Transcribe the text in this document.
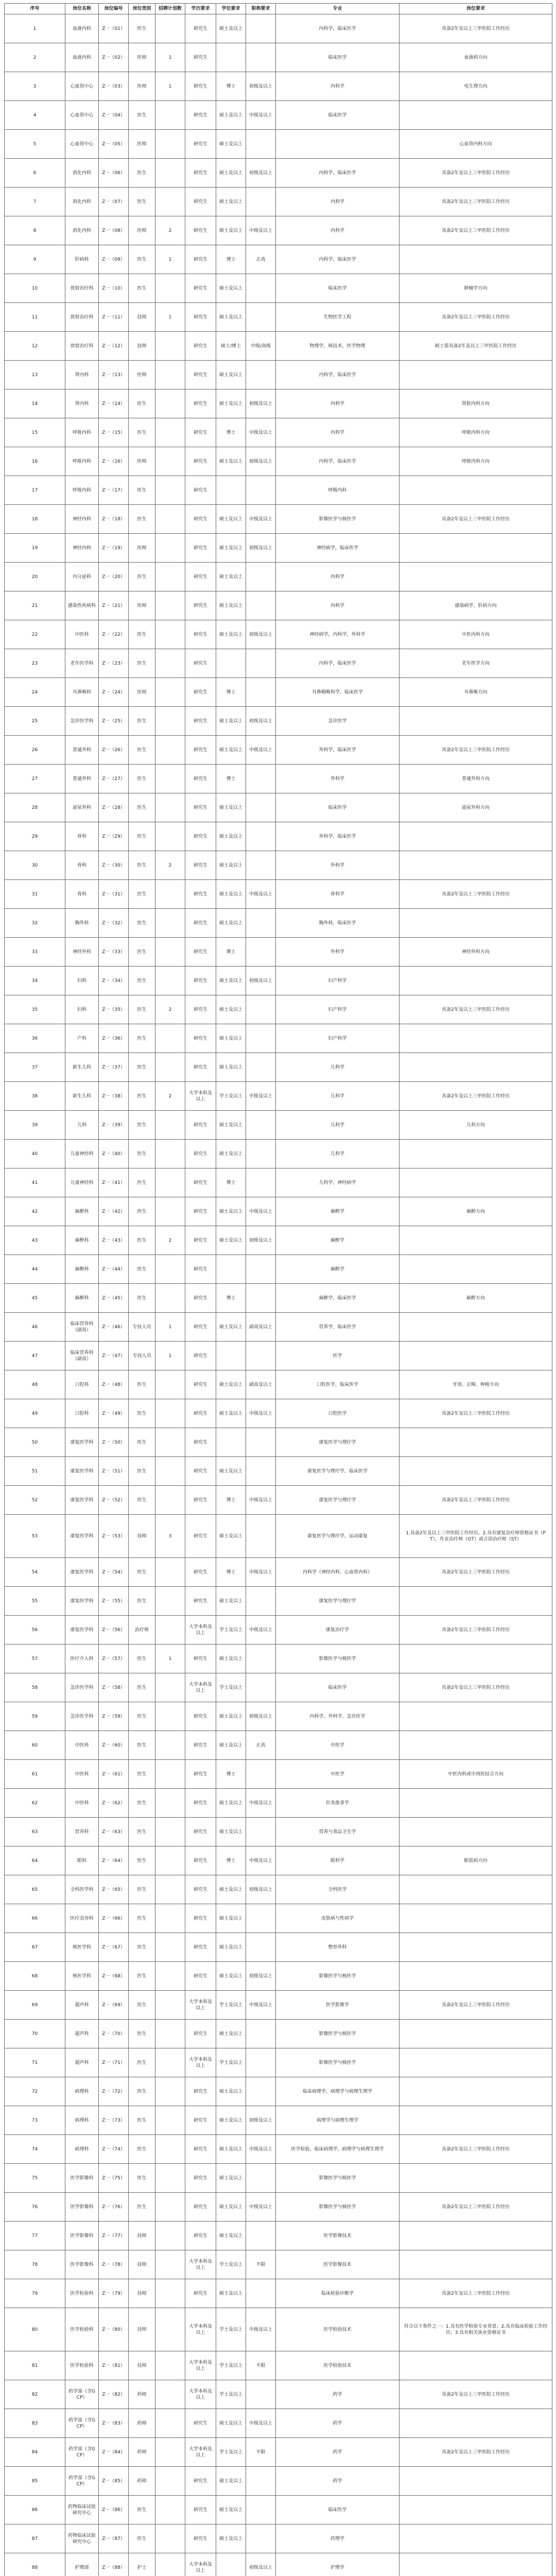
序号	岗位名称	岗位编号	岗位类别	招聘计划数	学历要求	学位要求	职称要求	专业	岗位要求
1	血液内科	Z一（01）	医生		研究生	硕士及以上		内科学，临床医学	具备2年及以上三甲医院工作经历
2	血液内科	Z一（02）	医师	1	研究生			临床医学	血液病方向
3	心血管中心	Z一（03）	医师	1	研究生	博士	初级及以上	内科学	电生理方向
4	心血管中心	Z一（04）	医生		研究生	硕士及以上	中级及以上	临床医学	
5	心血管中心	Z一（05）	医师		研究生	硕士及以上			心血管内科方向
6	消化内科	Z一（06）	医生		研究生	硕士及以上	初级及以上	内科学，临床医学	具备2年及以上三甲医院工作经历
7	消化内科	Z一（07）	医生		研究生	硕士及以上		内科学	具备2年及以上三甲医院工作经历
8	消化内科	Z一（08）	医师	2	研究生	硕士及以上	中级及以上	内科学	具备2年及以上三甲医院工作经历
9	肝病科	Z一（09）	医生	1	研究生	博士	正高	内科学，临床医学	
10	放射治疗科	Z一（10）	医生		研究生	硕士及以上		临床医学	肿瘤学方向
11	放射治疗科	Z一（11）	技师	1	研究生	硕士及以上		生物医学工程	具备2年及以上三甲医院工作经历
12	放射治疗科	Z一（12）	技师		研究生	硕士/博士	中级/高级	物理学，核技术，医学物理	硕士需具备2年及以上三甲医院工作经历
13	肾内科	Z一（13）	医师		研究生	硕士及以上		内科学，临床医学	
14	肾内科	Z一（14）	医生		研究生	硕士及以上	初级及以上	内科学	肾脏内科方向
15	呼吸内科	Z一（15）	医生		研究生	博士	中级及以上	内科学	呼吸内科方向
16	呼吸内科	Z一（16）	医师		研究生	硕士及以上	初级及以上	内科学，临床医学	呼吸内科方向
17	呼吸内科	Z一（17）	医生		研究生			呼吸内科	
18	神经内科	Z一（18）	医生		研究生	硕士及以上	中级及以上	影像医学与核医学	具备2年及以上三甲医院工作经历
19	神经内科	Z一（19）	医师		研究生	硕士及以上	初级及以上	神经病学，临床医学	
20	内分泌科	Z一（20）	医生		研究生	硕士及以上		内科学	
21	感染性疾病科	Z一（21）	医师		研究生	硕士及以上		内科学	感染病学、肝病方向
22	中医科	Z一（22）	医生		研究生	硕士及以上	初级及以上	神经病学，内科学，外科学	中医内科方向
23	老年医学科	Z一（23）	医生		研究生			内科学，临床医学	老年医学方向
24	耳鼻喉科	Z一（24）	医师		研究生	博士		耳鼻咽喉科学，临床医学	耳鼻喉方向
25	急诊医学科	Z一（25）	医生		研究生	硕士及以上	初级及以上	急诊医学	
26	普通外科	Z一（26）	医生		研究生	硕士及以上	中级及以上	外科学，临床医学	具备2年及以上三甲医院工作经历
27	普通外科	Z一（27）	医生		研究生	博士		外科学	普通外科方向
28	泌尿外科	Z一（28）	医生		研究生	硕士及以上		临床医学	泌尿外科方向
29	骨科	Z一（29）	医生		研究生	硕士及以上		外科学，临床医学	
30	骨科	Z一（30）	医生	2	研究生	硕士及以上		外科学	
31	骨科	Z一（31）	医生		研究生	硕士及以上	中级及以上	骨科学	具备2年及以上三甲医院工作经历
32	胸外科	Z一（32）	医生		研究生	硕士及以上		胸外科，临床医学	
33	神经外科	Z一（33）	医生		研究生	博士		外科学	神经外科方向
34	妇科	Z一（34）	医生		研究生	硕士及以上	初级及以上	妇产科学	
35	妇科	Z一（35）	医生	2	研究生	硕士及以上		妇产科学	具备2年及以上三甲医院工作经历
36	产科	Z一（36）	医生		研究生	硕士及以上		妇产科学	
37	新生儿科	Z一（37）	医生		研究生	硕士及以上		儿科学	
38	新生儿科	Z一（38）	医生	2	大学本科及以上	学士及以上	中级及以上	儿科学	具备2年及以上三甲医院工作经历
39	儿科	Z一（39）	医生		研究生	硕士及以上		儿科学	儿科方向
40	儿童神经科	Z一（40）	医生		研究生	硕士及以上		儿科学	
41	儿童神经科	Z一（41）	医生		研究生	博士		儿科学，神经病学	
42	麻醉科	Z一（42）	医生		研究生	硕士及以上	中级及以上	麻醉学	麻醉方向
43	麻醉科	Z一（43）	医生	2	研究生	硕士及以上	初级及以上	麻醉学	
44	麻醉科	Z一（44）	医生		研究生			麻醉学	
45	麻醉科	Z一（45）	医生		研究生	博士		麻醉学，临床医学	麻醉方向
46	临床营养科（副高）	Z一（46）	专技人员	1	研究生	硕士及以上	副高及以上	营养学，临床医学	
47	临床营养科（副高）	Z一（47）	专技人员	1	研究生			医学	
48	口腔科	Z一（48）	医生		研究生	硕士及以上	副高及以上	口腔医学，临床医学	牙周、正畸、种植方向
49	口腔科	Z一（49）	医生		研究生	硕士及以上	中级及以上	口腔医学	具备2年及以上三甲医院工作经历
50	康复医学科	Z一（50）	医生		研究生			康复医学与理疗学	
51	康复医学科	Z一（51）	医生		研究生	硕士及以上		康复医学与理疗学，临床医学	
52	康复医学科	Z一（52）	医生		研究生	博士	中级及以上	康复医学与理疗学	具备2年及以上三甲医院工作经历
53	康复医学科	Z一（53）	技师	3	研究生	硕士及以上		康复医学与理疗学，运动康复	1.具备2年及以上三甲医院工作经历。2.具有康复治疗师资格证书（PT），作业治疗师（OT）或言语治疗师（ST）
54	康复医学科	Z一（54）	医生		研究生	博士	中级及以上	内科学（神经内科、心血管内科）	具备2年及以上三甲医院工作经历
55	康复医学科	Z一（55）	医生		研究生	硕士及以上		康复医学与理疗学	
56	康复医学科	Z一（56）	治疗师		大学本科及以上	学士及以上	中级及以上	康复治疗学	具备2年及以上三甲医院工作经历
57	医疗介入科	Z一（57）	医生	1	研究生	硕士及以上		影像医学与核医学	
58	急诊医学科	Z一（58）	医生		大学本科及以上	学士及以上		临床医学	具备2年及以上三甲医院工作经历
59	急诊医学科	Z一（59）	医生		研究生	硕士及以上	初级及以上	内科学，外科学，急诊医学	
60	中医科	Z一（60）	医生		研究生	硕士及以上	正高	中医学	
61	中医科	Z一（61）	医生		研究生	博士		中医学	中医内科或中西医结合方向
62	中医科	Z一（62）	医生		研究生	硕士及以上	中级及以上	针灸推拿学	
63	营养科	Z一（63）	医生		研究生	硕士及以上		营养与食品卫生学	
64	眼科	Z一（64）	医生		研究生	博士	中级及以上	眼科学	眼底病方向
65	全科医学科	Z一（65）	医生		研究生	硕士及以上	初级及以上	全科医学	
66	医疗美容科	Z一（66）	医生		研究生	硕士及以上		皮肤病与性病学	
67	核医学科	Z一（67）	医生		研究生	硕士及以上		整形外科	
68	核医学科	Z一（68）	医生		研究生	硕士及以上	初级及以上	影像医学与核医学	
69	超声科	Z一（69）	医生		大学本科及以上	学士及以上	中级及以上	医学影像学	具备2年及以上三甲医院工作经历
70	超声科	Z一（70）	医生		研究生	硕士及以上		影像医学与核医学	
71	超声科	Z一（71）	医生		大学本科及以上	学士及以上		影像医学与核医学	
72	病理科	Z一（72）	医生		研究生	硕士及以上		临床病理学，病理学与病理生理学	
73	病理科	Z一（73）	医生		研究生	硕士及以上	初级及以上	病理学与病理生理学	
74	病理科	Z一（74）	医生		研究生	硕士及以上	中级及以上	医学检验，临床病理学，病理学与病理生理学	具备2年及以上三甲医院工作经历
75	医学影像科	Z一（75）	医生		研究生	硕士及以上		影像医学与核医学	
76	医学影像科	Z一（76）	医生		研究生	硕士及以上	中级及以上	影像医学与核医学	具备2年及以上三甲医院工作经历
77	医学影像科	Z一（77）	技师		研究生	硕士及以上		医学影像技术	
78	医学影像科	Z一（78）	技师		大学本科及以上	学士及以上	不限	医学影像技术	
79	医学检验科	Z一（79）	技师		研究生	硕士及以上		临床检验诊断学	具备2年及以上三甲医院工作经历
80	医学检验科	Z一（80）	技师		大学本科及以上	学士及以上	中级及以上	医学检验技术	符合以下条件之一：1.具有医学检验专业背景；2.具有临床检验工作经历；3.具有相关执业资格证书
81	医学检验科	Z一（81）	技师		大学本科及以上	学士及以上	不限	医学检验技术	
82	药学部（含GCP）	Z一（82）	药师		大学本科及以上	学士及以上		药学	具备2年及以上三甲医院工作经历
83	药学部（含GCP）	Z一（83）	药师		研究生	硕士及以上	中级及以上	药学	
84	药学部（含GCP）	Z一（84）	药师		大学本科及以上	学士及以上	不限	药学	具备2年及以上三甲医院工作经历
85	药学部（含GCP）	Z一（85）	药师		研究生	硕士及以上		药学	
86	药物临床试验研究中心	Z一（86）	医生		研究生	硕士及以上		临床医学	
87	药物临床试验研究中心	Z一（87）	医生		研究生	硕士及以上		药理学	
88	护理部	Z一（88）	护士		大学本科及以上		初级及以上	护理学	
